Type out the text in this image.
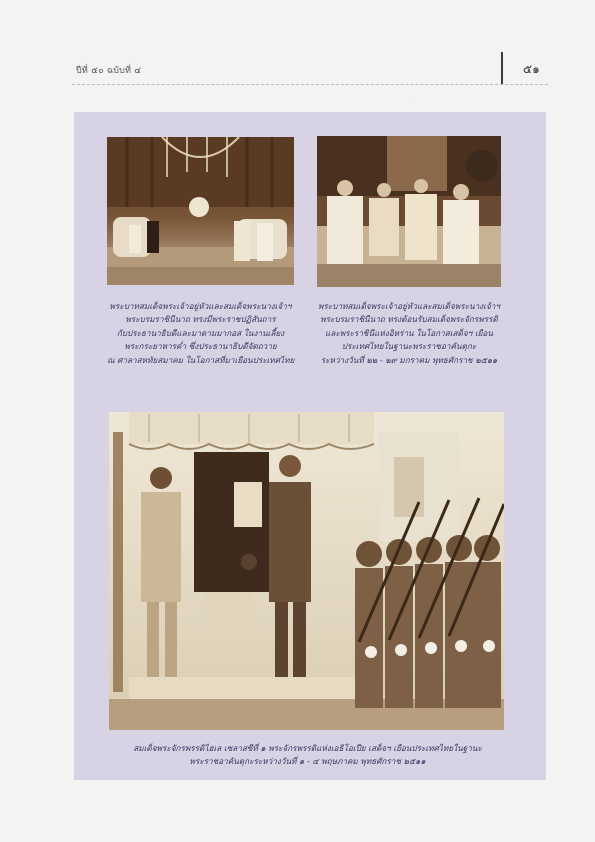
ปีที่ ๕๐ ฉบับที่ ๔	๕๑
·
พระบาทสมเด็จพระเจ้าอยู่หัวและสมเด็จพระนางเจ้าฯ
พระบรมราชินีนาถ ทรงมีพระราชปฏิสันถาร
กับประธานาธิบดีและมาดามมากอส ในงานเลี้ยง
พระกระยาหารค่ำ ซึ่งประธานาธิบดีจัดถวาย
ณ ศาลาสหทัยสมาคม ในโอกาสที่มาเยือนประเทศไทย
พระบาทสมเด็จพระเจ้าอยู่หัวและสมเด็จพระนางเจ้าฯ
พระบรมราชินีนาถ ทรงต้อนรับสมเด็จพระจักรพรรดิ
และพระราชินีแห่งอิหร่าน ในโอกาสเสด็จฯ เยือน
ประเทศไทยในฐานะพระราชอาคันตุกะ
ระหว่างวันที่ ๒๒ - ๒๙ มกราคม พุทธศักราช ๒๕๑๑
สมเด็จพระจักรพรรดิไฮเล เซลาสซีที่ ๑ พระจักรพรรดิแห่งเอธิโอเปีย เสด็จฯ เยือนประเทศไทยในฐานะ
พระราชอาคันตุกะระหว่างวันที่ ๑ - ๔ พฤษภาคม พุทธศักราช ๒๕๑๑
